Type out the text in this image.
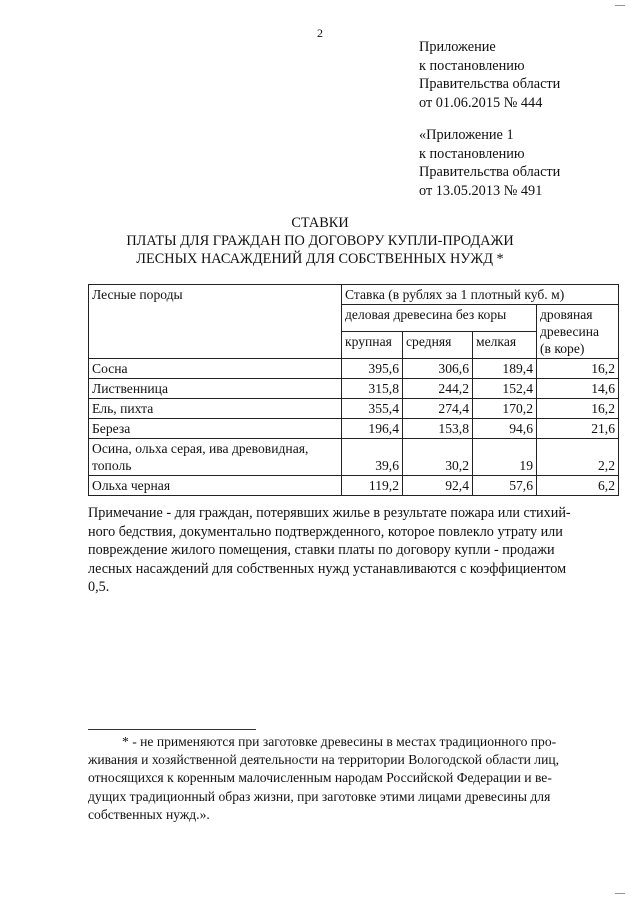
—
2
Приложение
к постановлению
Правительства области
от 01.06.2015 № 444
«Приложение 1
к постановлению
Правительства области
от 13.05.2013 № 491
СТАВКИ
ПЛАТЫ ДЛЯ ГРАЖДАН ПО ДОГОВОРУ КУПЛИ-ПРОДАЖИ
ЛЕСНЫХ НАСАЖДЕНИЙ ДЛЯ СОБСТВЕННЫХ НУЖД *
Лесные породы	Ставка (в рублях за 1 плотный куб. м)			
	деловая древесина без коры			дровяная
древесина
(в коре)

	крупная	средняя	мелкая	
Сосна	395,6	306,6	189,4	16,2
Лиственница	315,8	244,2	152,4	14,6
Ель, пихта	355,4	274,4	170,2	16,2
Береза	196,4	153,8	94,6	21,6

Осина, ольха серая, ива древовидная,
тополь	39,6	30,2	19	2,2
Ольха черная	119,2	92,4	57,6	6,2
Примечание - для граждан, потерявших жилье в результате пожара или стихий-
ного бедствия, документально подтвержденного, которое повлекло утрату или
повреждение жилого помещения, ставки платы по договору купли - продажи
лесных насаждений для собственных нужд устанавливаются с коэффициентом
0,5.
* - не применяются при заготовке древесины в местах традиционного про-
живания и хозяйственной деятельности на территории Вологодской области лиц,
относящихся к коренным малочисленным народам Российской Федерации и ве-
дущих традиционный образ жизни, при заготовке этими лицами древесины для
собственных нужд.».
—
